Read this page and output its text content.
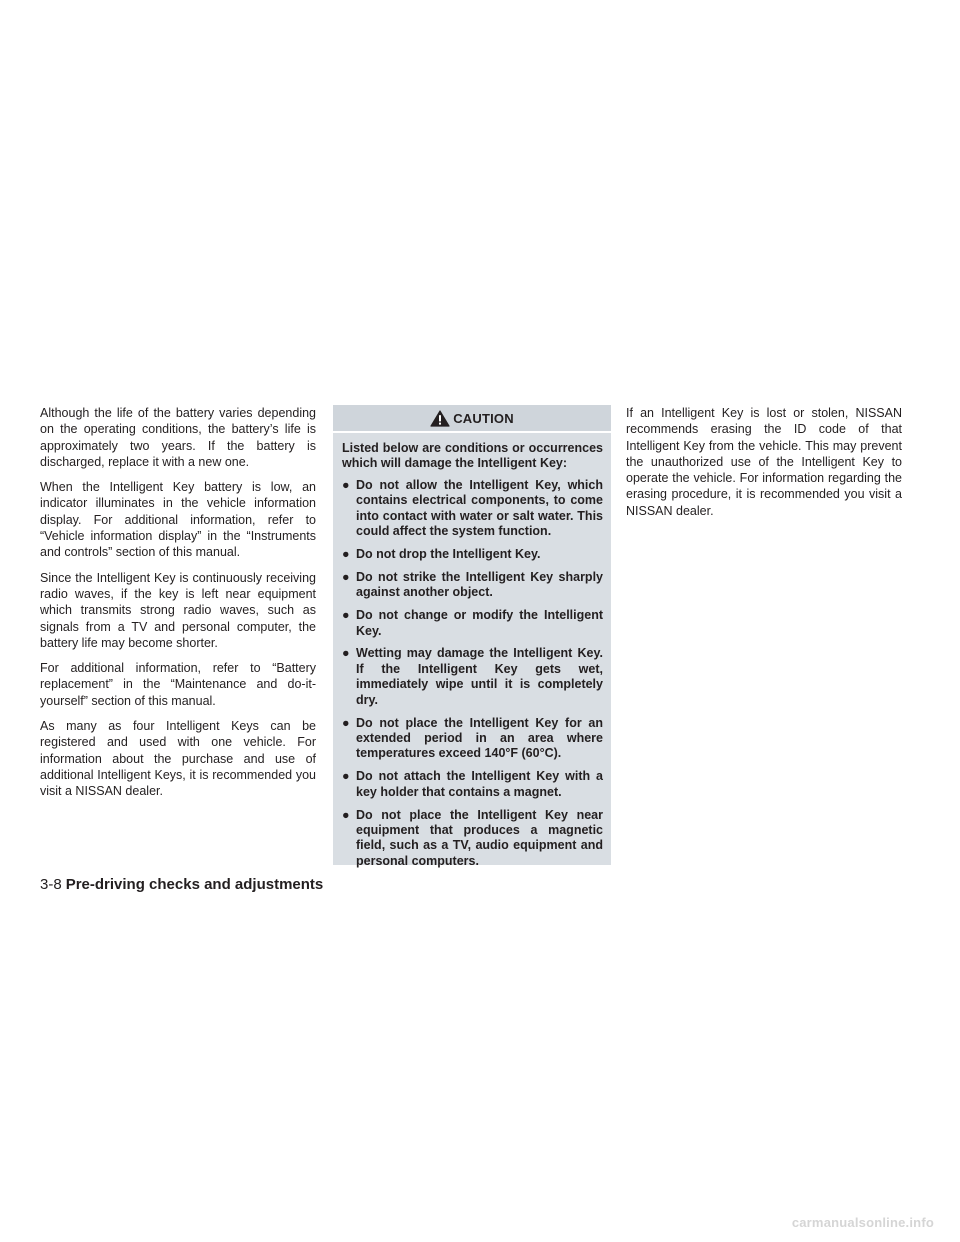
Although the life of the battery varies depending on the operating conditions, the battery’s life is approximately two years. If the battery is discharged, replace it with a new one.

When the Intelligent Key battery is low, an indicator illuminates in the vehicle information display. For additional information, refer to “Vehicle information display” in the “Instruments and controls” section of this manual.

Since the Intelligent Key is continuously receiving radio waves, if the key is left near equipment which transmits strong radio waves, such as signals from a TV and personal computer, the battery life may become shorter.

For additional information, refer to “Battery replacement” in the “Maintenance and do-it-yourself” section of this manual.

As many as four Intelligent Keys can be registered and used with one vehicle. For information about the purchase and use of additional Intelligent Keys, it is recommended you visit a NISSAN dealer.

CAUTION

Listed below are conditions or occurrences which will damage the Intelligent Key:

● Do not allow the Intelligent Key, which contains electrical components, to come into contact with water or salt water. This could affect the system function.
● Do not drop the Intelligent Key.
● Do not strike the Intelligent Key sharply against another object.
● Do not change or modify the Intelligent Key.
● Wetting may damage the Intelligent Key. If the Intelligent Key gets wet, immediately wipe until it is completely dry.
● Do not place the Intelligent Key for an extended period in an area where temperatures exceed 140°F (60°C).
● Do not attach the Intelligent Key with a key holder that contains a magnet.
● Do not place the Intelligent Key near equipment that produces a magnetic field, such as a TV, audio equipment and personal computers.

If an Intelligent Key is lost or stolen, NISSAN recommends erasing the ID code of that Intelligent Key from the vehicle. This may prevent the unauthorized use of the Intelligent Key to operate the vehicle. For information regarding the erasing procedure, it is recommended you visit a NISSAN dealer.

3-8 Pre-driving checks and adjustments
carmanualsonline.info
